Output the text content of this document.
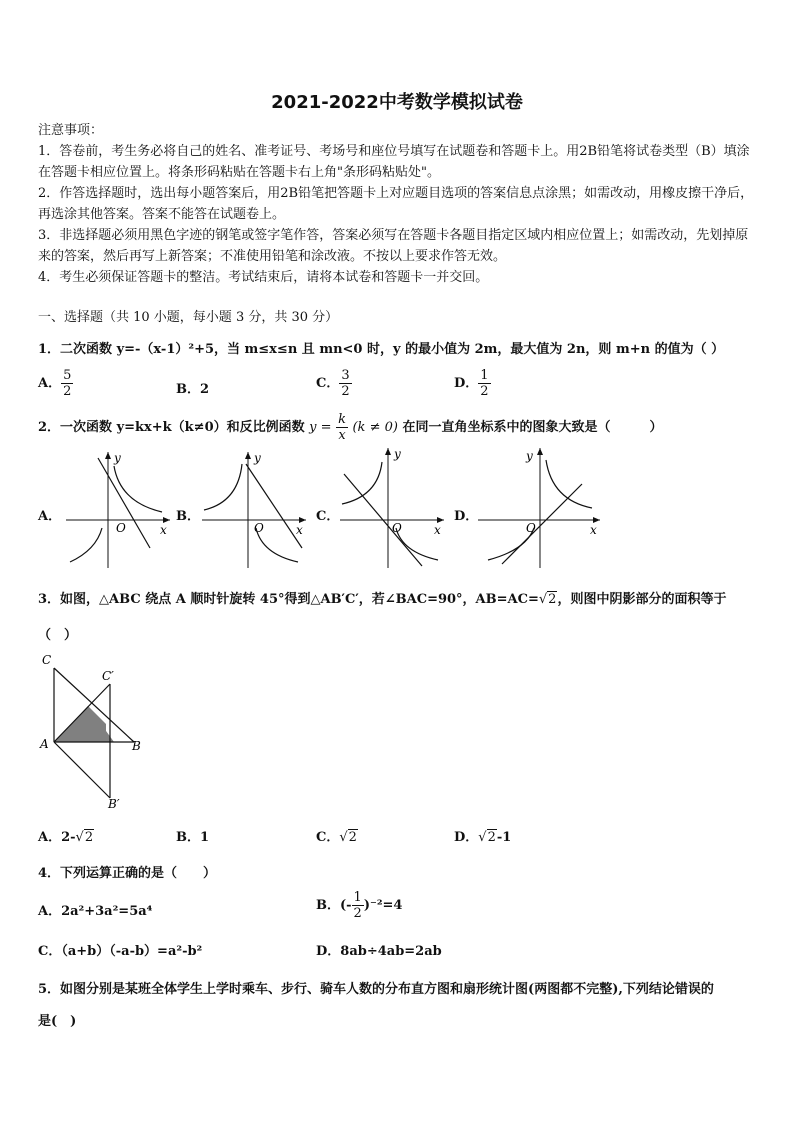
2021-2022中考数学模拟试卷
注意事项：
1．答卷前，考生务必将自己的姓名、准考证号、考场号和座位号填写在试题卷和答题卡上。用2B铅笔将试卷类型（B）填涂在答题卡相应位置上。将条形码粘贴在答题卡右上角"条形码粘贴处"。
2．作答选择题时，选出每小题答案后，用2B铅笔把答题卡上对应题目选项的答案信息点涂黑；如需改动，用橡皮擦干净后，再选涂其他答案。答案不能答在试题卷上。
3．非选择题必须用黑色字迹的钢笔或签字笔作答，答案必须写在答题卡各题目指定区域内相应位置上；如需改动，先划掉原来的答案，然后再写上新答案；不准使用铅笔和涂改液。不按以上要求作答无效。
4．考生必须保证答题卡的整洁。考试结束后，请将本试卷和答题卡一并交回。
一、选择题（共 10 小题，每小题 3 分，共 30 分）
1．二次函数 y=-（x-1）²+5，当 m≤x≤n 且 mn<0 时，y 的最小值为 2m，最大值为 2n，则 m+n 的值为（ ）
A． $\frac{5}{2}$	B．2	C． $\frac{3}{2}$	D． $\frac{1}{2}$
2．一次函数 y=kx+k（k≠0）和反比例函数 $y = \frac{k}{x} (k \ne 0)$ 在同一直角坐标系中的图象大致是（　　　）
A．	B．	C．	D．
y
x
O
y
x
O
y
x
O
y
x
O
3．如图，△ABC 绕点 A 顺时针旋转 45°得到△AB′C′，若∠BAC=90°，AB=AC=√2，则图中阴影部分的面积等于
（　）
C
C′
A	B
B′
A．2-√2	B．1	C．√2	D．√2-1
4．下列运算正确的是（　　）
A．2a²+3a²=5a⁴	B．(- $\frac{1}{2} )^{-2}=4$
C．（a+b）（-a-b）=a²-b²	D．8ab÷4ab=2ab
5．如图分别是某班全体学生上学时乘车、步行、骑车人数的分布直方图和扇形统计图(两图都不完整),下列结论错误的
是(　)
